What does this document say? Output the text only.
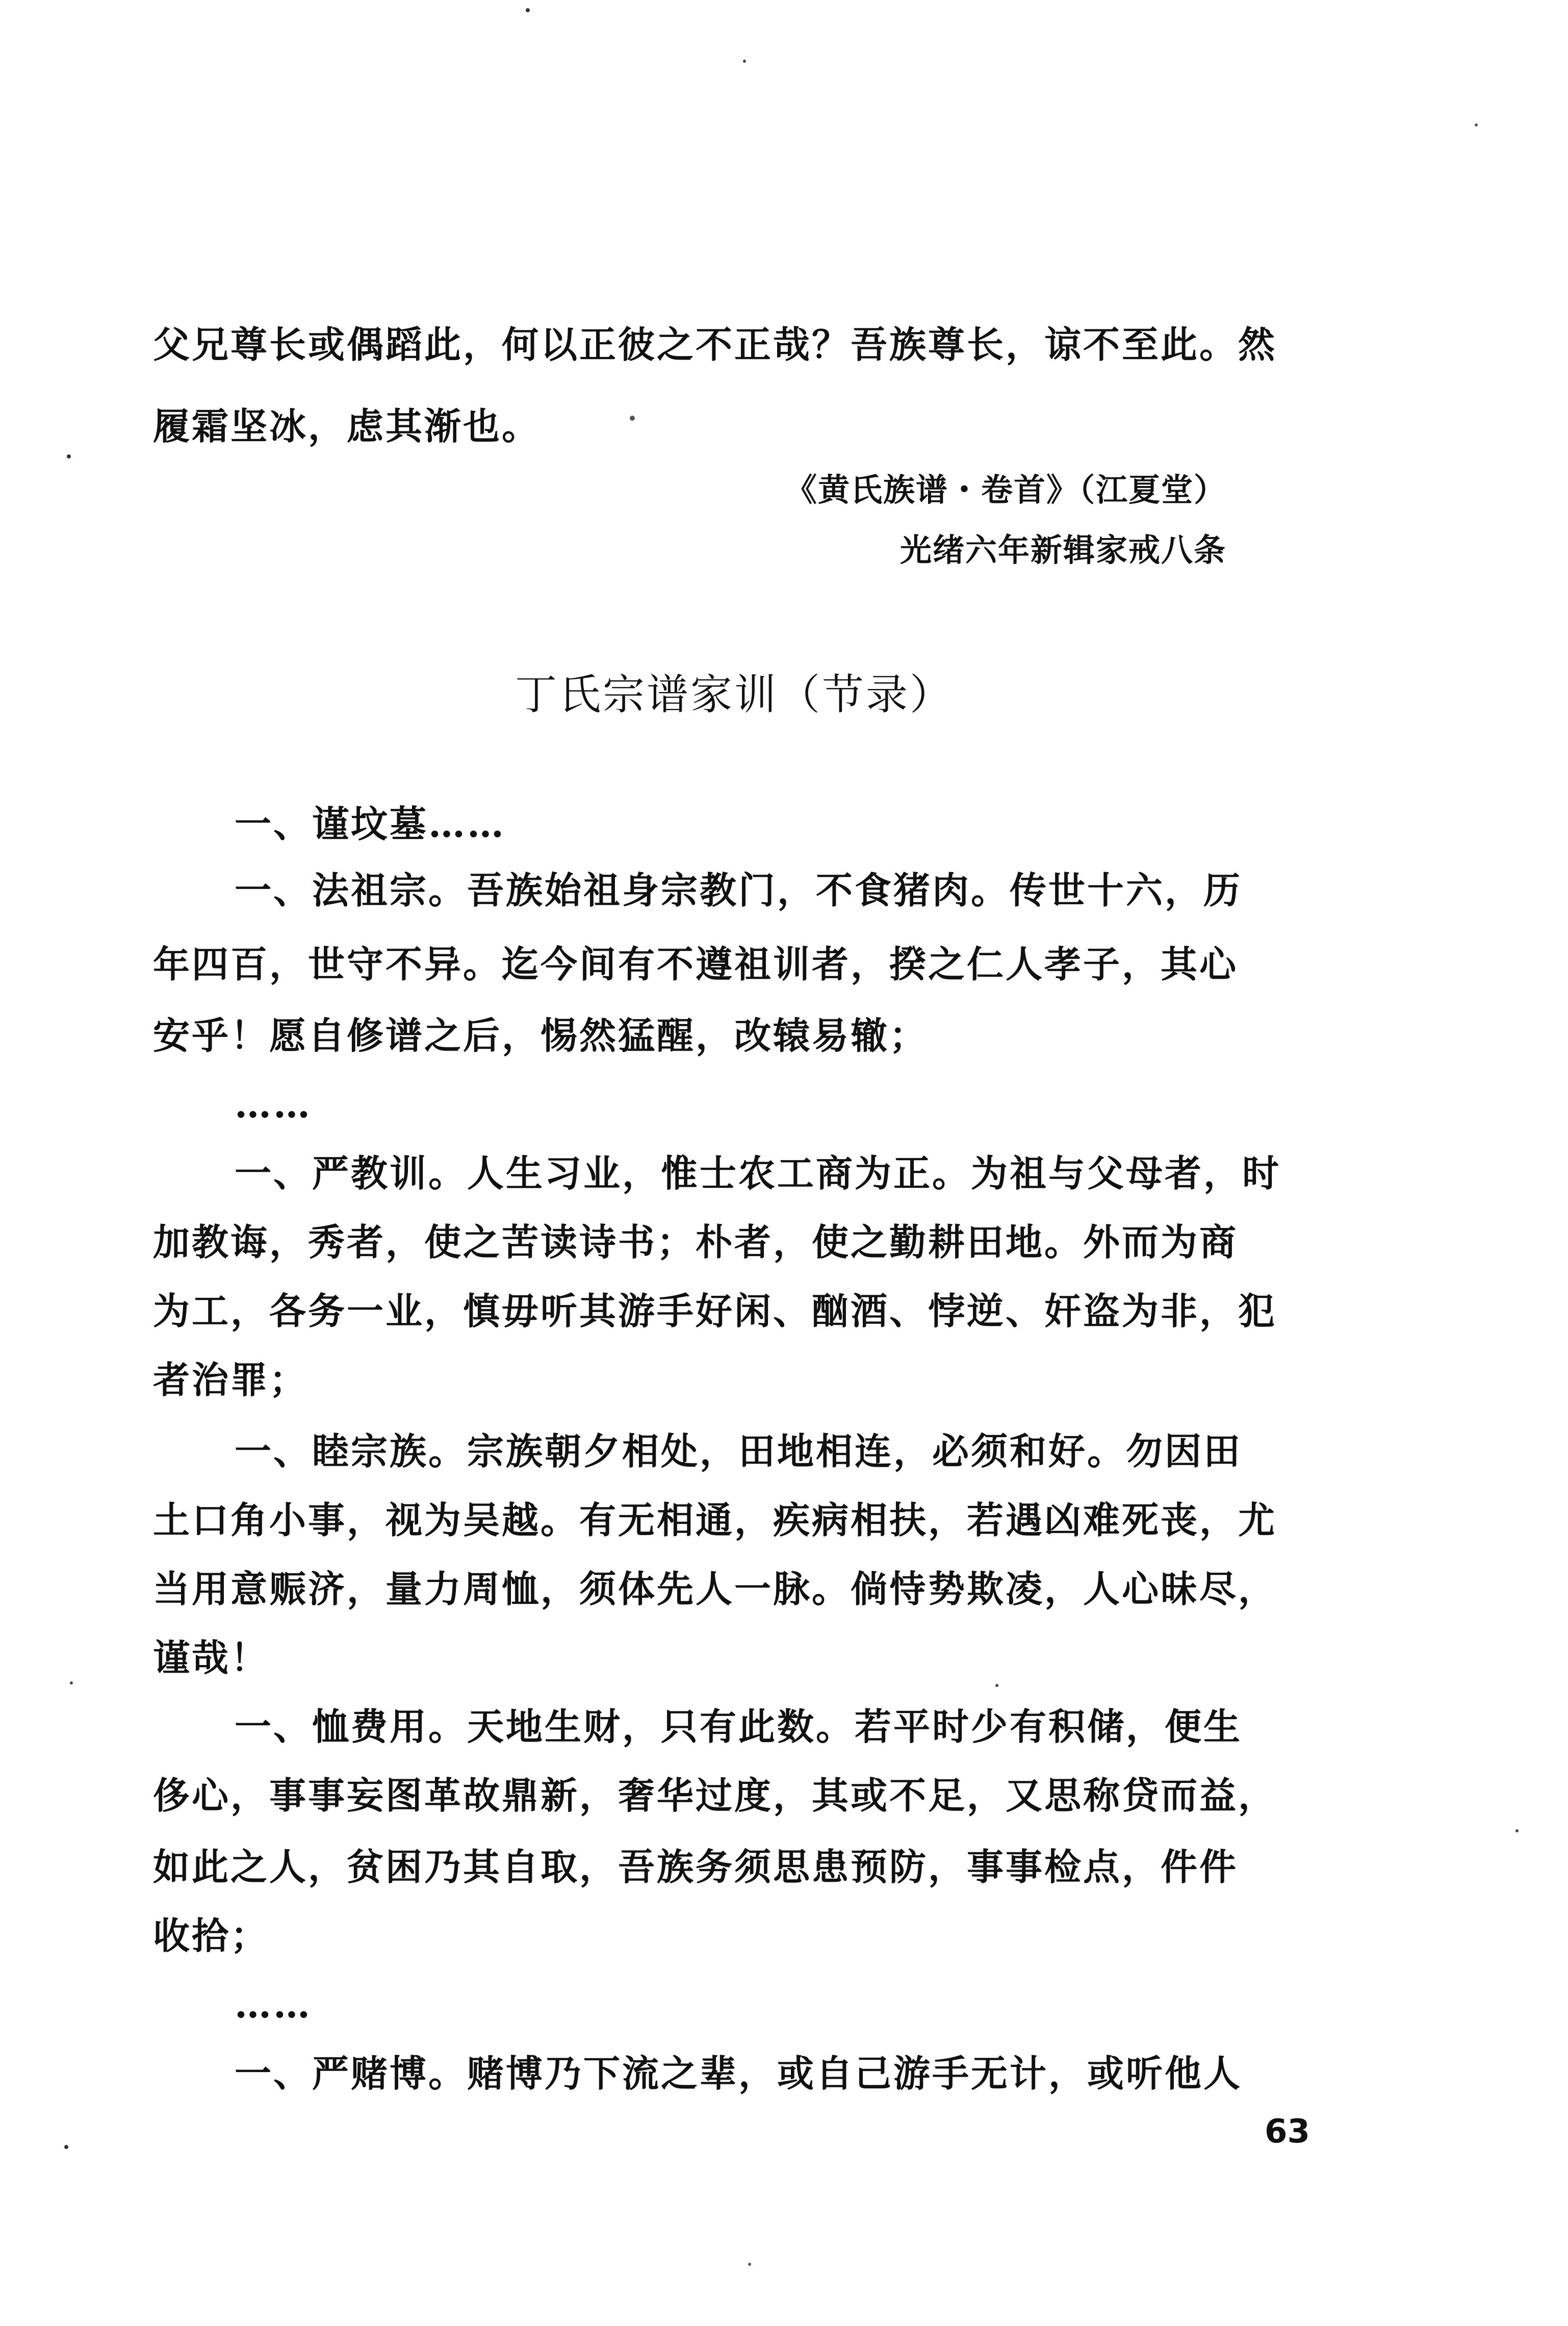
父兄尊长或偶蹈此，何以正彼之不正哉？吾族尊长，谅不至此。然
履霜坚冰，虑其渐也。
《黄氏族谱・卷首》（江夏堂）
光绪六年新辑家戒八条
丁氏宗谱家训（节录）
一、谨坟墓……
一、法祖宗。吾族始祖身宗教门，不食猪肉。传世十六，历
年四百，世守不异。迄今间有不遵祖训者，揆之仁人孝子，其心
安乎！愿自修谱之后，惕然猛醒，改辕易辙；
……
一、严教训。人生习业，惟士农工商为正。为祖与父母者，时
加教诲，秀者，使之苦读诗书；朴者，使之勤耕田地。外而为商
为工，各务一业，慎毋听其游手好闲、酗酒、悖逆、奸盗为非，犯
者治罪；
一、睦宗族。宗族朝夕相处，田地相连，必须和好。勿因田
土口角小事，视为吴越。有无相通，疾病相扶，若遇凶难死丧，尤
当用意赈济，量力周恤，须体先人一脉。倘恃势欺凌，人心昧尽，
谨哉！
一、恤费用。天地生财，只有此数。若平时少有积储，便生
侈心，事事妄图革故鼎新，奢华过度，其或不足，又思称贷而益，
如此之人，贫困乃其自取，吾族务须思患预防，事事检点，件件
收拾；
……
一、严赌博。赌博乃下流之辈，或自己游手无计，或听他人
63
